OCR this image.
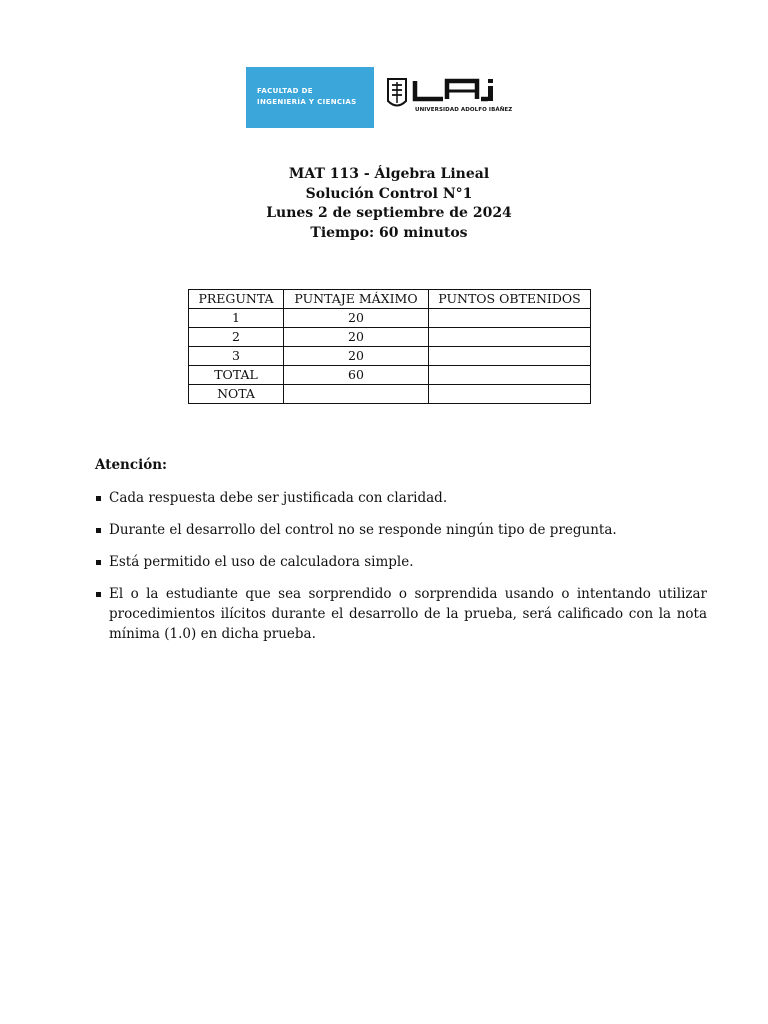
FACULTAD DE
INGENIERÍA Y CIENCIAS
UNIVERSIDAD ADOLFO IBÁÑEZ
MAT 113 - Álgebra Lineal
Solución Control N°1
Lunes 2 de septiembre de 2024
Tiempo: 60 minutos
PREGUNTA	PUNTAJE MÁXIMO	PUNTOS OBTENIDOS
1	20	
2	20	
3	20	
TOTAL	60	
NOTA		
Atención:
Cada respuesta debe ser justificada con claridad.
Durante el desarrollo del control no se responde ningún tipo de pregunta.
Está permitido el uso de calculadora simple.
El o la estudiante que sea sorprendido o sorprendida usando o intentando utilizar procedimientos ilícitos durante el desarrollo de la prueba, será calificado con la nota mínima (1.0) en dicha prueba.
